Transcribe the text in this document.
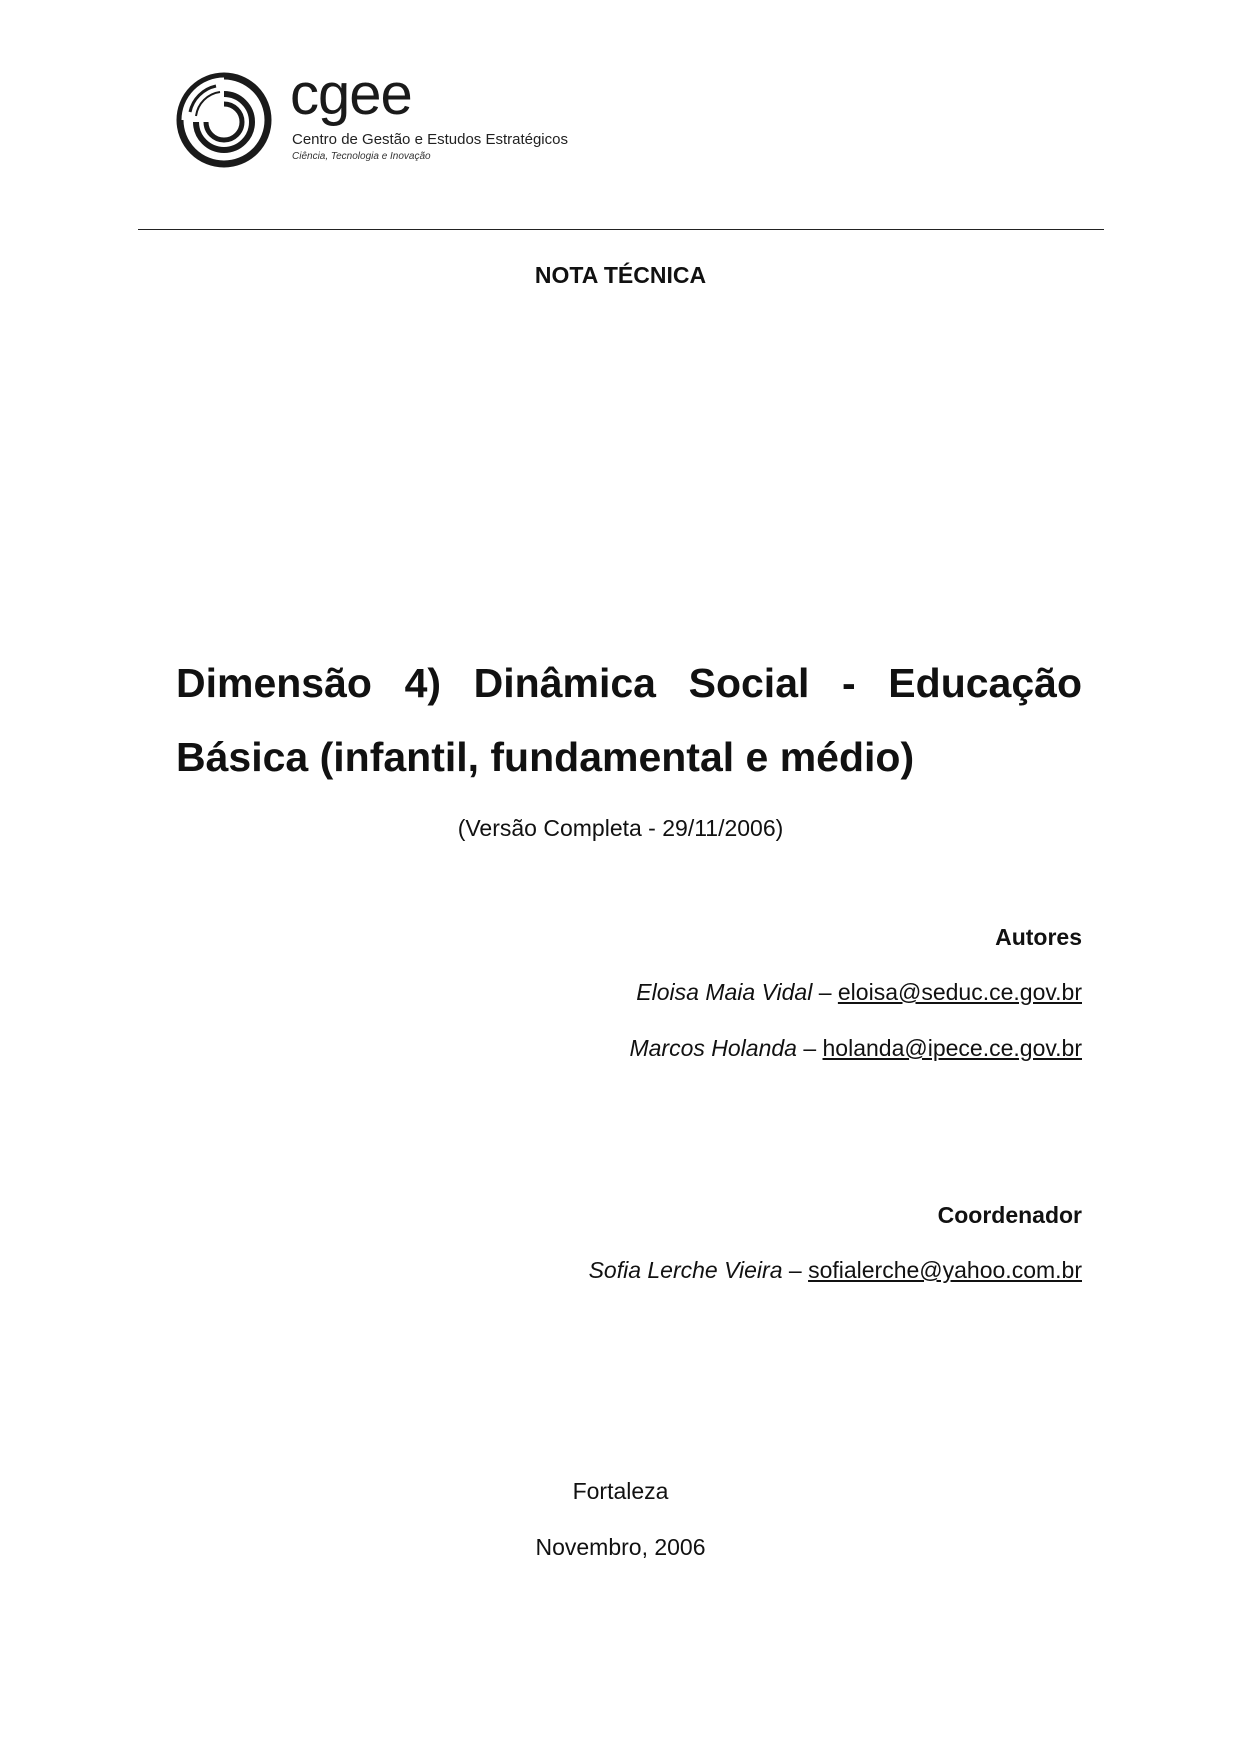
cgee
Centro de Gestão e Estudos Estratégicos
Ciência, Tecnologia e Inovação
NOTA TÉCNICA
Dimensão 4) Dinâmica Social - Educação
Básica (infantil, fundamental e médio)
(Versão Completa - 29/11/2006)
Autores
Eloisa Maia Vidal – eloisa@seduc.ce.gov.br
Marcos Holanda – holanda@ipece.ce.gov.br
Coordenador
Sofia Lerche Vieira – sofialerche@yahoo.com.br
Fortaleza
Novembro, 2006
